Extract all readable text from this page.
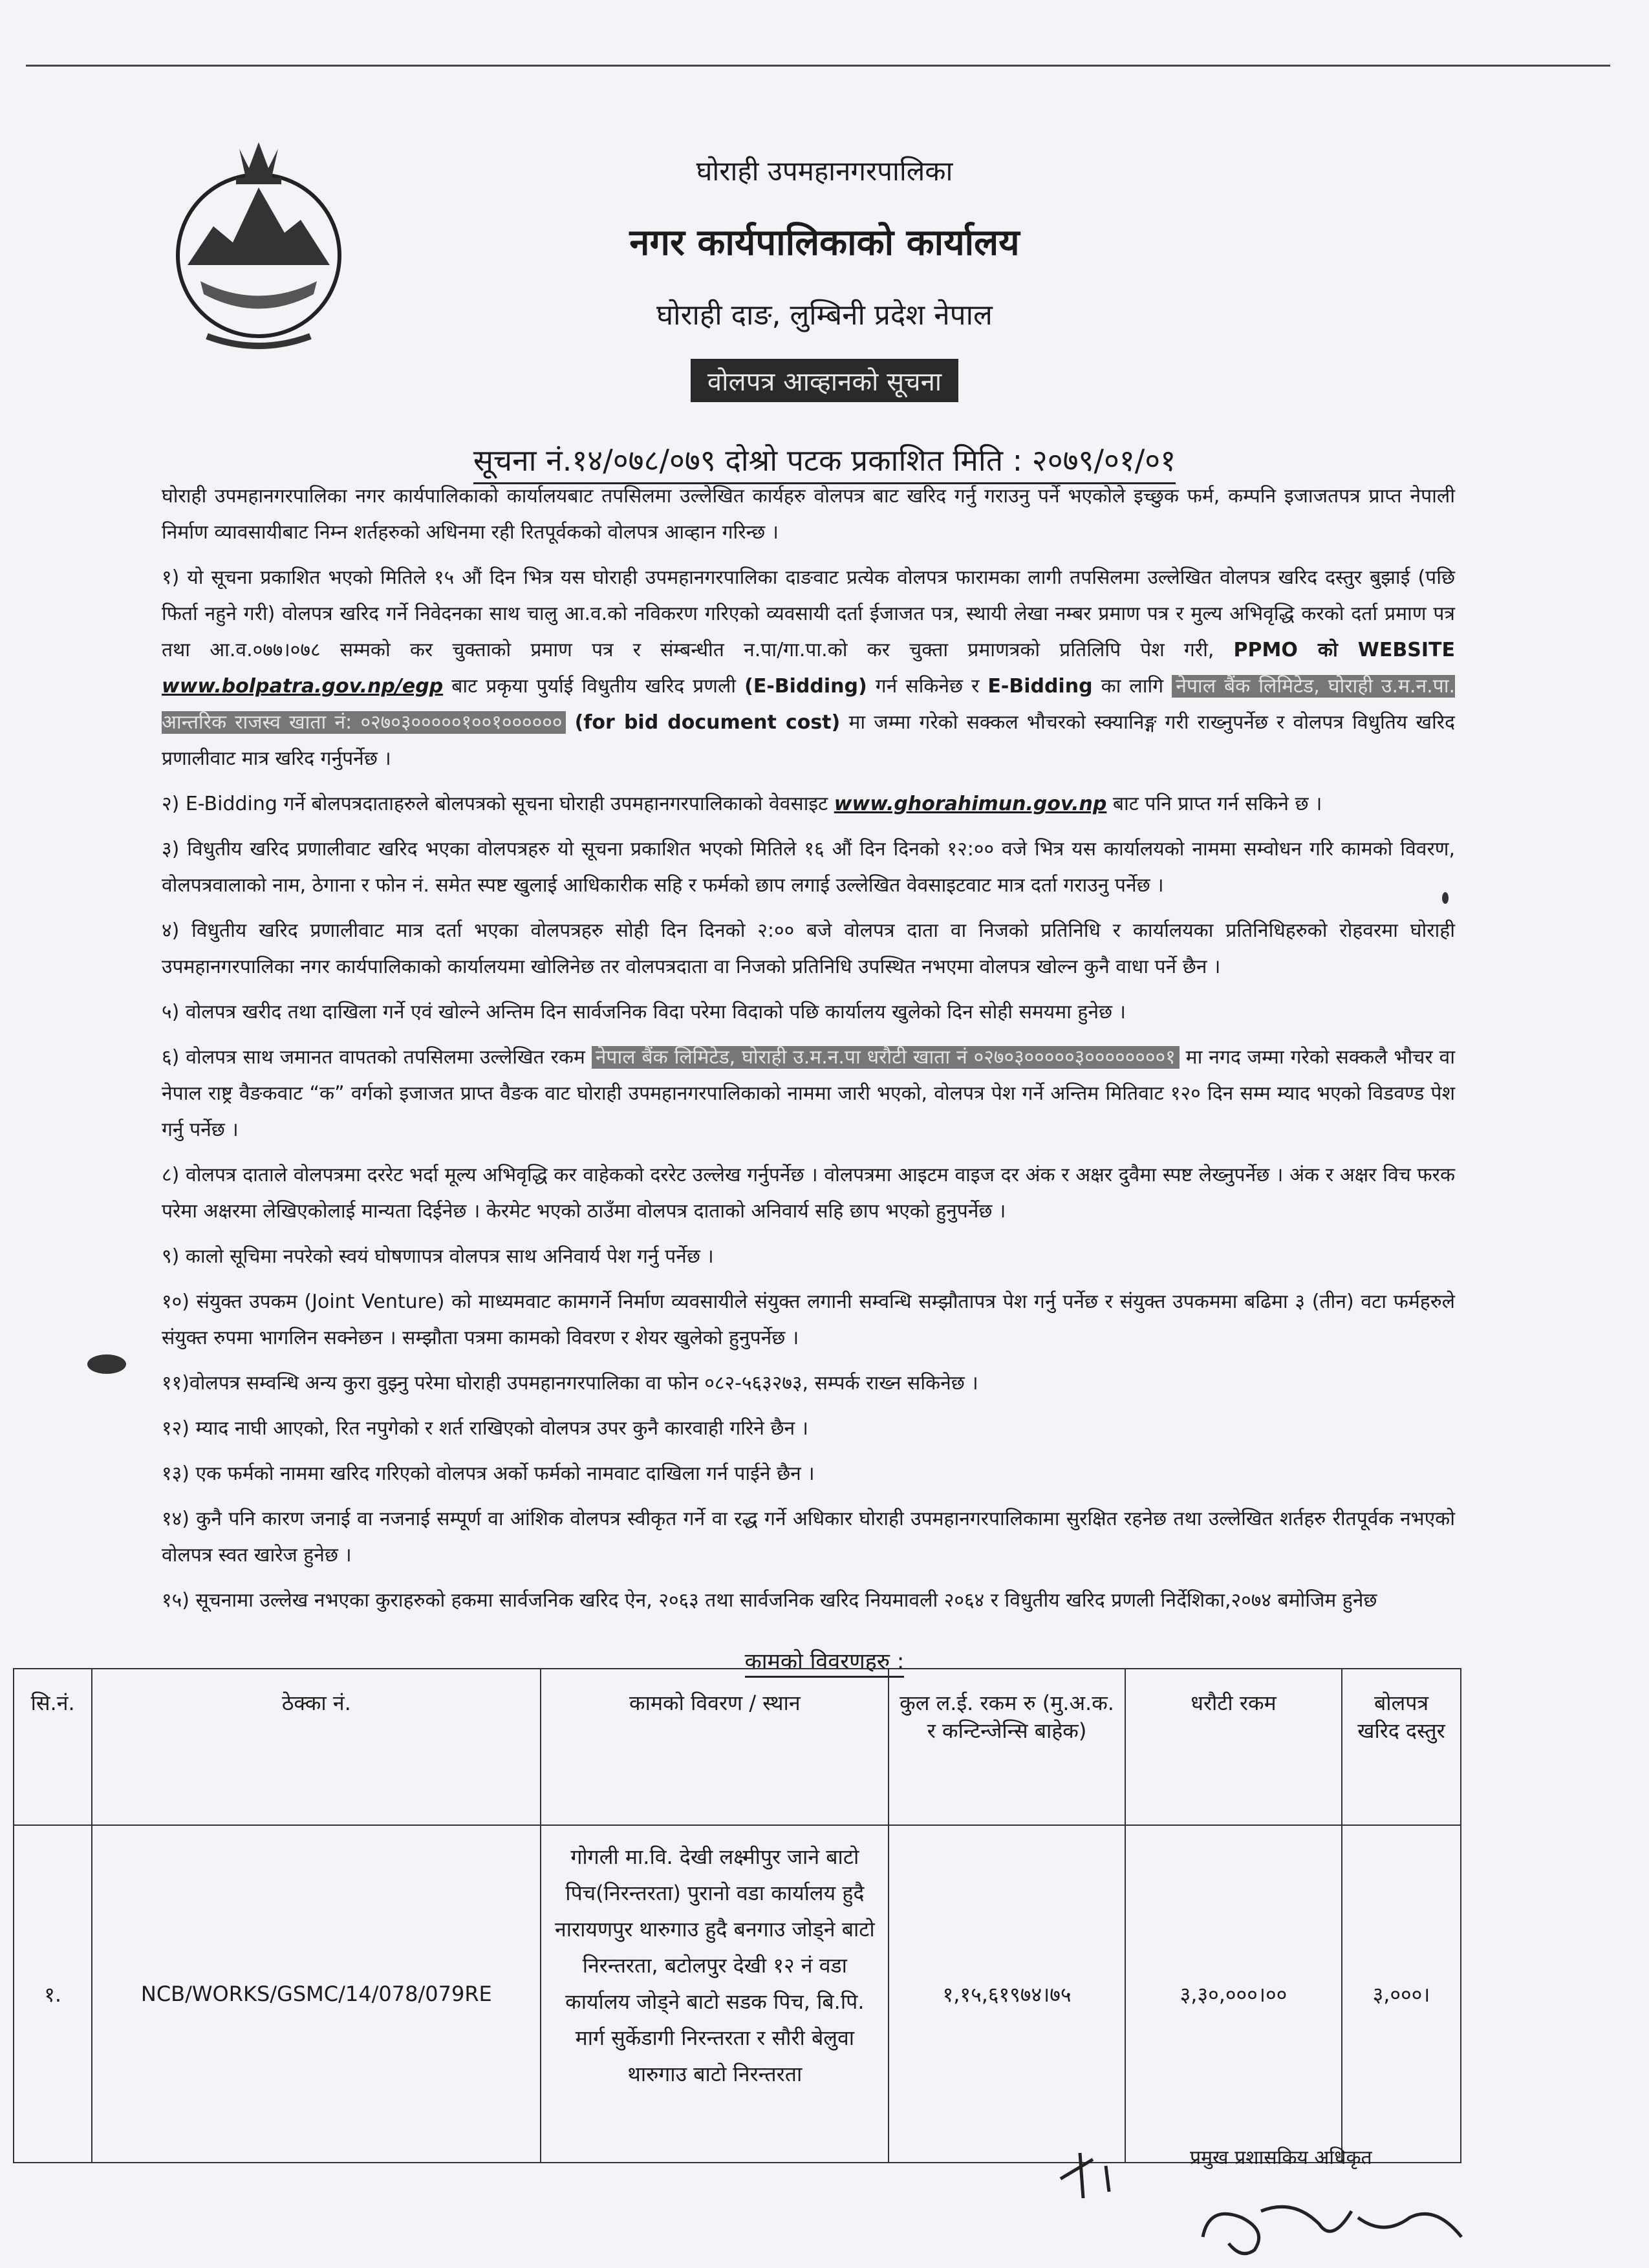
घोराही उपमहानगरपालिका
नगर कार्यपालिकाको कार्यालय
घोराही दाङ, लुम्बिनी प्रदेश नेपाल
वोलपत्र आव्हानको सूचना
सूचना नं.१४/०७८/०७९ दोश्रो पटक प्रकाशित मिति : २०७९/०१/०१

घोराही उपमहानगरपालिका नगर कार्यपालिकाको कार्यालयबाट तपसिलमा उल्लेखित कार्यहरु वोलपत्र बाट खरिद गर्नु गराउनु पर्ने भएकोले इच्छुक फर्म, कम्पनि इजाजतपत्र प्राप्त नेपाली निर्माण व्यावसायीबाट निम्न शर्तहरुको अधिनमा रही रितपूर्वकको वोलपत्र आव्हान गरिन्छ ।

१) यो सूचना प्रकाशित भएको मितिले १५ औं दिन भित्र यस घोराही उपमहानगरपालिका दाङवाट प्रत्येक वोलपत्र फारामका लागी तपसिलमा उल्लेखित वोलपत्र खरिद दस्तुर बुझाई (पछि फिर्ता नहुने गरी) वोलपत्र खरिद गर्ने निवेदनका साथ चालु आ.व.को नविकरण गरिएको व्यवसायी दर्ता ईजाजत पत्र, स्थायी लेखा नम्बर प्रमाण पत्र र मुल्य अभिवृद्धि करको दर्ता प्रमाण पत्र तथा आ.व.०७७।०७८ सम्मको कर चुक्ताको प्रमाण पत्र र संम्बन्धीत न.पा/गा.पा.को कर चुक्ता प्रमाणत्रको प्रतिलिपि पेश गरी, PPMO को WEBSITE www.bolpatra.gov.np/egp बाट प्रकृया पुर्याई विधुतीय खरिद प्रणली (E-Bidding) गर्न सकिनेछ र E-Bidding का लागि नेपाल बैंक लिमिटेड, घोराही उ.म.न.पा. आन्तरिक राजस्व खाता नं: ०२७०३०००००१००१०००००० (for bid document cost) मा जम्मा गरेको सक्कल भौचरको स्क्यानिङ्ग गरी राख्नुपर्नेछ र वोलपत्र विधुतिय खरिद प्रणालीवाट मात्र खरिद गर्नुपर्नेछ ।

२) E-Bidding गर्ने बोलपत्रदाताहरुले बोलपत्रको सूचना घोराही उपमहानगरपालिकाको वेवसाइट www.ghorahimun.gov.np बाट पनि प्राप्त गर्न सकिने छ ।

३) विधुतीय खरिद प्रणालीवाट खरिद भएका वोलपत्रहरु यो सूचना प्रकाशित भएको मितिले १६ औं दिन दिनको १२:०० वजे भित्र यस कार्यालयको नाममा सम्वोधन गरि कामको विवरण, वोलपत्रवालाको नाम, ठेगाना र फोन नं. समेत स्पष्ट खुलाई आधिकारीक सहि र फर्मको छाप लगाई उल्लेखित वेवसाइटवाट मात्र दर्ता गराउनु पर्नेछ ।

४) विधुतीय खरिद प्रणालीवाट मात्र दर्ता भएका वोलपत्रहरु सोही दिन दिनको २:०० बजे वोलपत्र दाता वा निजको प्रतिनिधि र कार्यालयका प्रतिनिधिहरुको रोहवरमा घोराही उपमहानगरपालिका नगर कार्यपालिकाको कार्यालयमा खोलिनेछ तर वोलपत्रदाता वा निजको प्रतिनिधि उपस्थित नभएमा वोलपत्र खोल्न कुनै वाधा पर्ने छैन ।

५) वोलपत्र खरीद तथा दाखिला गर्ने एवं खोल्ने अन्तिम दिन सार्वजनिक विदा परेमा विदाको पछि कार्यालय खुलेको दिन सोही समयमा हुनेछ ।

६) वोलपत्र साथ जमानत वापतको तपसिलमा उल्लेखित रकम नेपाल बैंक लिमिटेड, घोराही उ.म.न.पा धरौटी खाता नं ०२७०३०००००३००००००००१ मा नगद जम्मा गरेको सक्कलै भौचर वा नेपाल राष्ट्र वैङकवाट “क” वर्गको इजाजत प्राप्त वैङक वाट घोराही उपमहानगरपालिकाको नाममा जारी भएको, वोलपत्र पेश गर्ने अन्तिम मितिवाट १२० दिन सम्म म्याद भएको विडवण्ड पेश गर्नु पर्नेछ ।

८) वोलपत्र दाताले वोलपत्रमा दररेट भर्दा मूल्य अभिवृद्धि कर वाहेकको दररेट उल्लेख गर्नुपर्नेछ । वोलपत्रमा आइटम वाइज दर अंक र अक्षर दुवैमा स्पष्ट लेख्नुपर्नेछ । अंक र अक्षर विच फरक परेमा अक्षरमा लेखिएकोलाई मान्यता दिईनेछ । केरमेट भएको ठाउँमा वोलपत्र दाताको अनिवार्य सहि छाप भएको हुनुपर्नेछ ।

९) कालो सूचिमा नपरेको स्वयं घोषणापत्र वोलपत्र साथ अनिवार्य पेश गर्नु पर्नेछ ।

१०) संयुक्त उपकम (Joint Venture) को माध्यमवाट कामगर्ने निर्माण व्यवसायीले संयुक्त लगानी सम्वन्धि सम्झौतापत्र पेश गर्नु पर्नेछ र संयुक्त उपकममा बढिमा ३ (तीन) वटा फर्महरुले संयुक्त रुपमा भागलिन सक्नेछन । सम्झौता पत्रमा कामको विवरण र शेयर खुलेको हुनुपर्नेछ ।

११)वोलपत्र सम्वन्धि अन्य कुरा वुझ्नु परेमा घोराही उपमहानगरपालिका वा फोन ०८२-५६३२७३, सम्पर्क राख्न सकिनेछ ।

१२) म्याद नाघी आएको, रित नपुगेको र शर्त राखिएको वोलपत्र उपर कुनै कारवाही गरिने छैन ।

१३) एक फर्मको नाममा खरिद गरिएको वोलपत्र अर्को फर्मको नामवाट दाखिला गर्न पाईने छैन ।

१४) कुनै पनि कारण जनाई वा नजनाई सम्पूर्ण वा आंशिक वोलपत्र स्वीकृत गर्ने वा रद्ध गर्ने अधिकार घोराही उपमहानगरपालिकामा सुरक्षित रहनेछ तथा उल्लेखित शर्तहरु रीतपूर्वक नभएको वोलपत्र स्वत खारेज हुनेछ ।

१५) सूचनामा उल्लेख नभएका कुराहरुको हकमा सार्वजनिक खरिद ऐन, २०६३ तथा सार्वजनिक खरिद नियमावली २०६४ र विधुतीय खरिद प्रणली निर्देशिका,२०७४ बमोजिम हुनेछ

कामको विवरणहरु :
सि.नं.	ठेक्का नं.	कामको विवरण / स्थान	कुल ल.ई. रकम रु (मु.अ.क. र कन्टिन्जेन्सि बाहेक)	धरौटी रकम	बोलपत्र खरिद दस्तुर
१.	NCB/WORKS/GSMC/14/078/079RE	गोगली मा.वि. देखी लक्ष्मीपुर जाने बाटो पिच(निरन्तरता) पुरानो वडा कार्यालय हुदै नारायणपुर थारुगाउ हुदै बनगाउ जोड्ने बाटो निरन्तरता, बटोलपुर देखी १२ नं वडा कार्यालय जोड्ने बाटो सडक पिच, बि.पि. मार्ग सुर्केडागी निरन्तरता र सौरी बेलुवा थारुगाउ बाटो निरन्तरता	१,१५,६१९७४।७५	३,३०,०००।००	३,०००।
प्रमुख प्रशासकिय अधिकृत
